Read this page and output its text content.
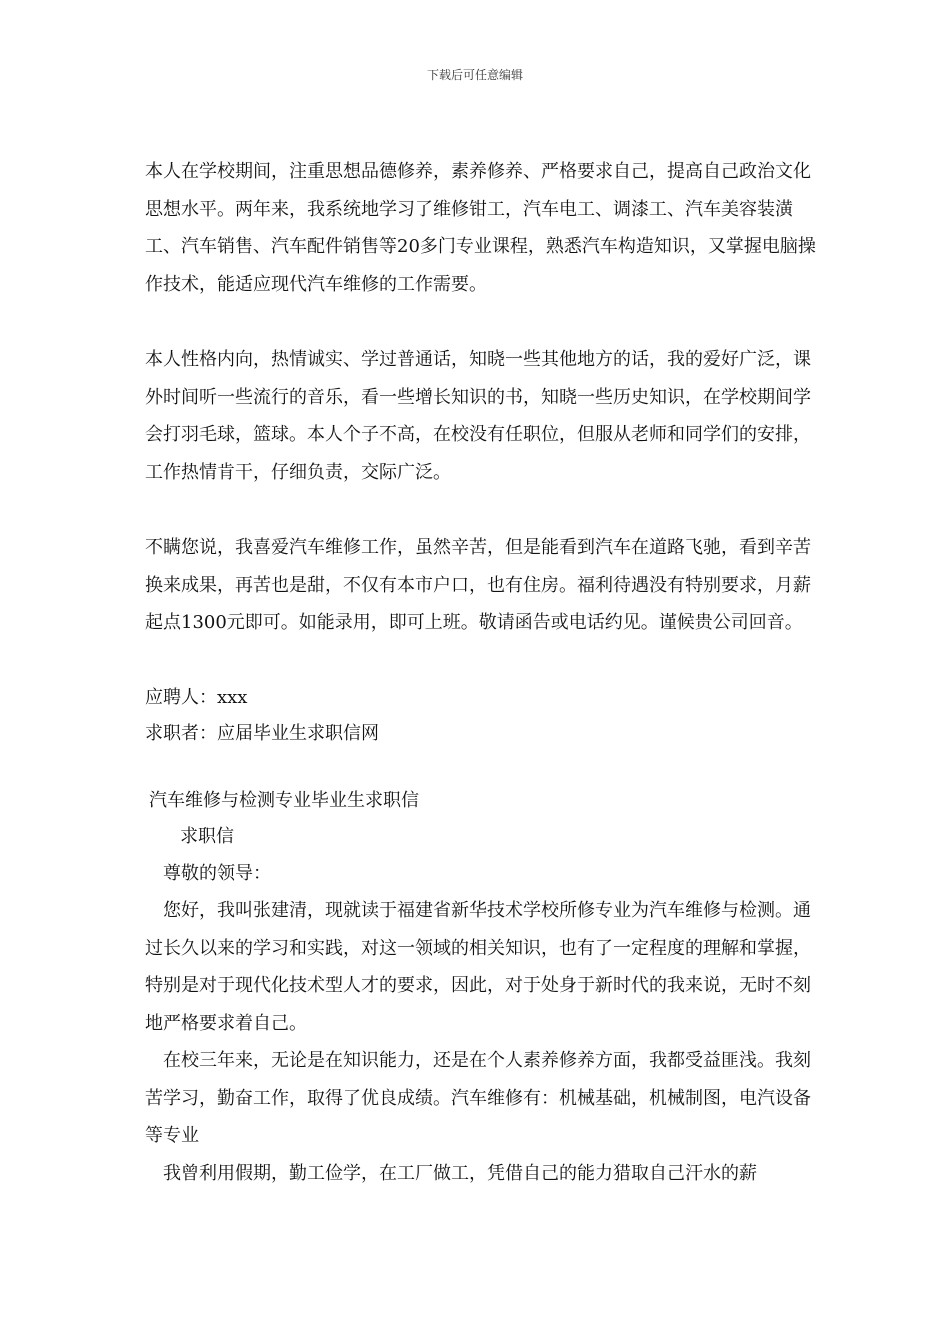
下载后可任意编辑

本人在学校期间，注重思想品德修养，素养修养、严格要求自己，提高自己政治文化思想水平。两年来，我系统地学习了维修钳工，汽车电工、调漆工、汽车美容装潢工、汽车销售、汽车配件销售等20多门专业课程，熟悉汽车构造知识，又掌握电脑操作技术，能适应现代汽车维修的工作需要。

本人性格内向，热情诚实、学过普通话，知晓一些其他地方的话，我的爱好广泛，课外时间听一些流行的音乐，看一些增长知识的书，知晓一些历史知识，在学校期间学会打羽毛球，篮球。本人个子不高，在校没有任职位，但服从老师和同学们的安排，工作热情肯干，仔细负责，交际广泛。

不瞒您说，我喜爱汽车维修工作，虽然辛苦，但是能看到汽车在道路飞驰，看到辛苦换来成果，再苦也是甜，不仅有本市户口，也有住房。福利待遇没有特别要求，月薪起点1300元即可。如能录用，即可上班。敬请函告或电话约见。谨候贵公司回音。

应聘人：xxx

求职者：应届毕业生求职信网

汽车维修与检测专业毕业生求职信

求职信

尊敬的领导：

您好，我叫张建清，现就读于福建省新华技术学校所修专业为汽车维修与检测。通过长久以来的学习和实践，对这一领域的相关知识，也有了一定程度的理解和掌握，特别是对于现代化技术型人才的要求，因此，对于处身于新时代的我来说，无时不刻地严格要求着自己。

在校三年来，无论是在知识能力，还是在个人素养修养方面，我都受益匪浅。我刻苦学习，勤奋工作，取得了优良成绩。汽车维修有：机械基础，机械制图，电汽设备等专业

我曾利用假期，勤工俭学，在工厂做工，凭借自己的能力猎取自己汗水的薪
